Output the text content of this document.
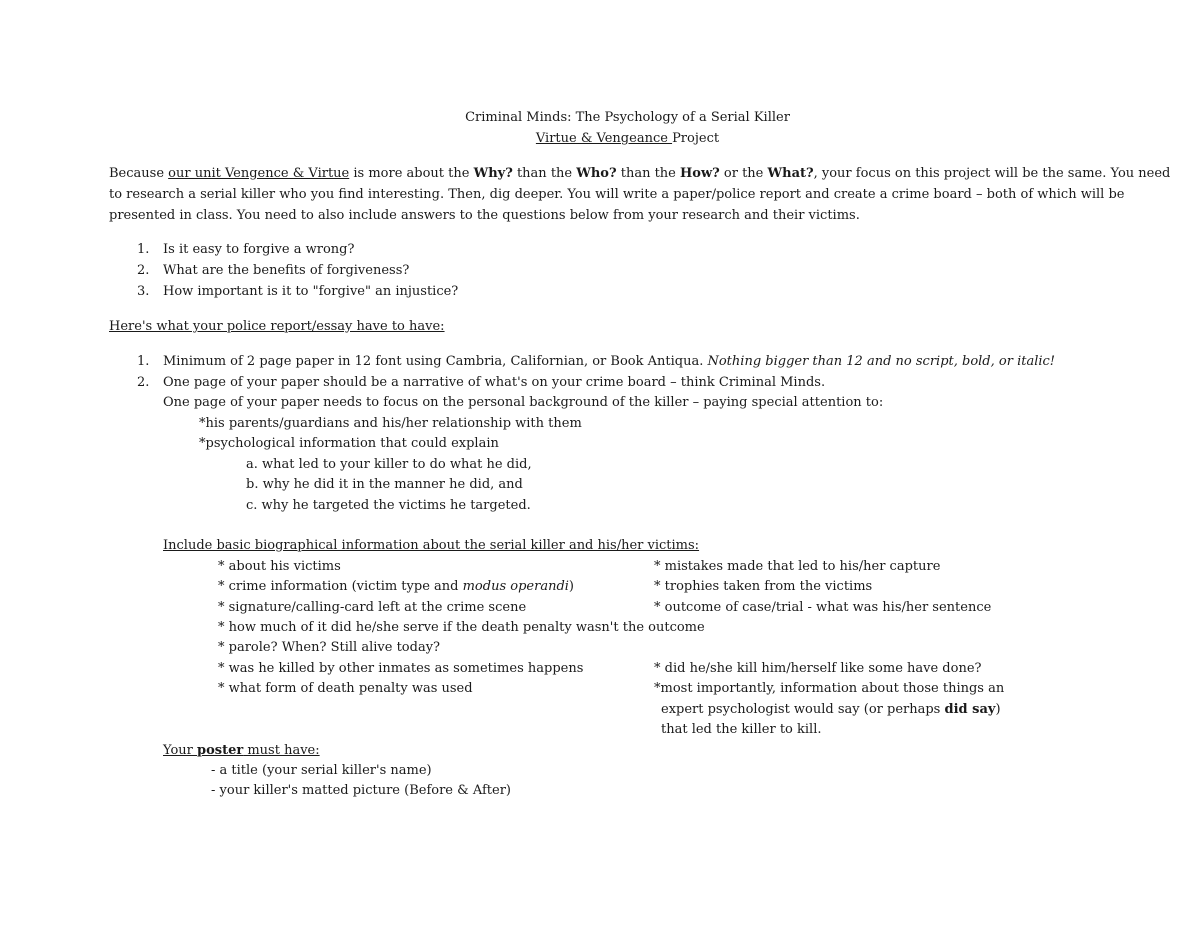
Criminal Minds: The Psychology of a Serial Killer
Virtue & Vengeance Project
Because our unit Vengence & Virtue is more about the Why? than the Who? than the How? or the What?, your focus on this project will be the same. You need
to research a serial killer who you find interesting. Then, dig deeper. You will write a paper/police report and create a crime board – both of which will be
presented in class. You need to also include answers to the questions below from your research and their victims.
1. Is it easy to forgive a wrong?
2. What are the benefits of forgiveness?
3. How important is it to "forgive" an injustice?
Here's what your police report/essay have to have:
1. Minimum of 2 page paper in 12 font using Cambria, Californian, or Book Antiqua. Nothing bigger than 12 and no script, bold, or italic!
2. One page of your paper should be a narrative of what's on your crime board – think Criminal Minds.
One page of your paper needs to focus on the personal background of the killer – paying special attention to:
*his parents/guardians and his/her relationship with them
*psychological information that could explain
a. what led to your killer to do what he did,
b. why he did it in the manner he did, and
c. why he targeted the victims he targeted.
Include basic biographical information about the serial killer and his/her victims:
* about his victims	* mistakes made that led to his/her capture
* crime information (victim type and modus operandi)	* trophies taken from the victims
* signature/calling-card left at the crime scene	* outcome of case/trial - what was his/her sentence
* how much of it did he/she serve if the death penalty wasn't the outcome
* parole? When? Still alive today?
* was he killed by other inmates as sometimes happens	* did he/she kill him/herself like some have done?
* what form of death penalty was used	*most importantly, information about those things an
expert psychologist would say (or perhaps did say)
that led the killer to kill.
Your poster must have:
- a title (your serial killer's name)
- your killer's matted picture (Before & After)
